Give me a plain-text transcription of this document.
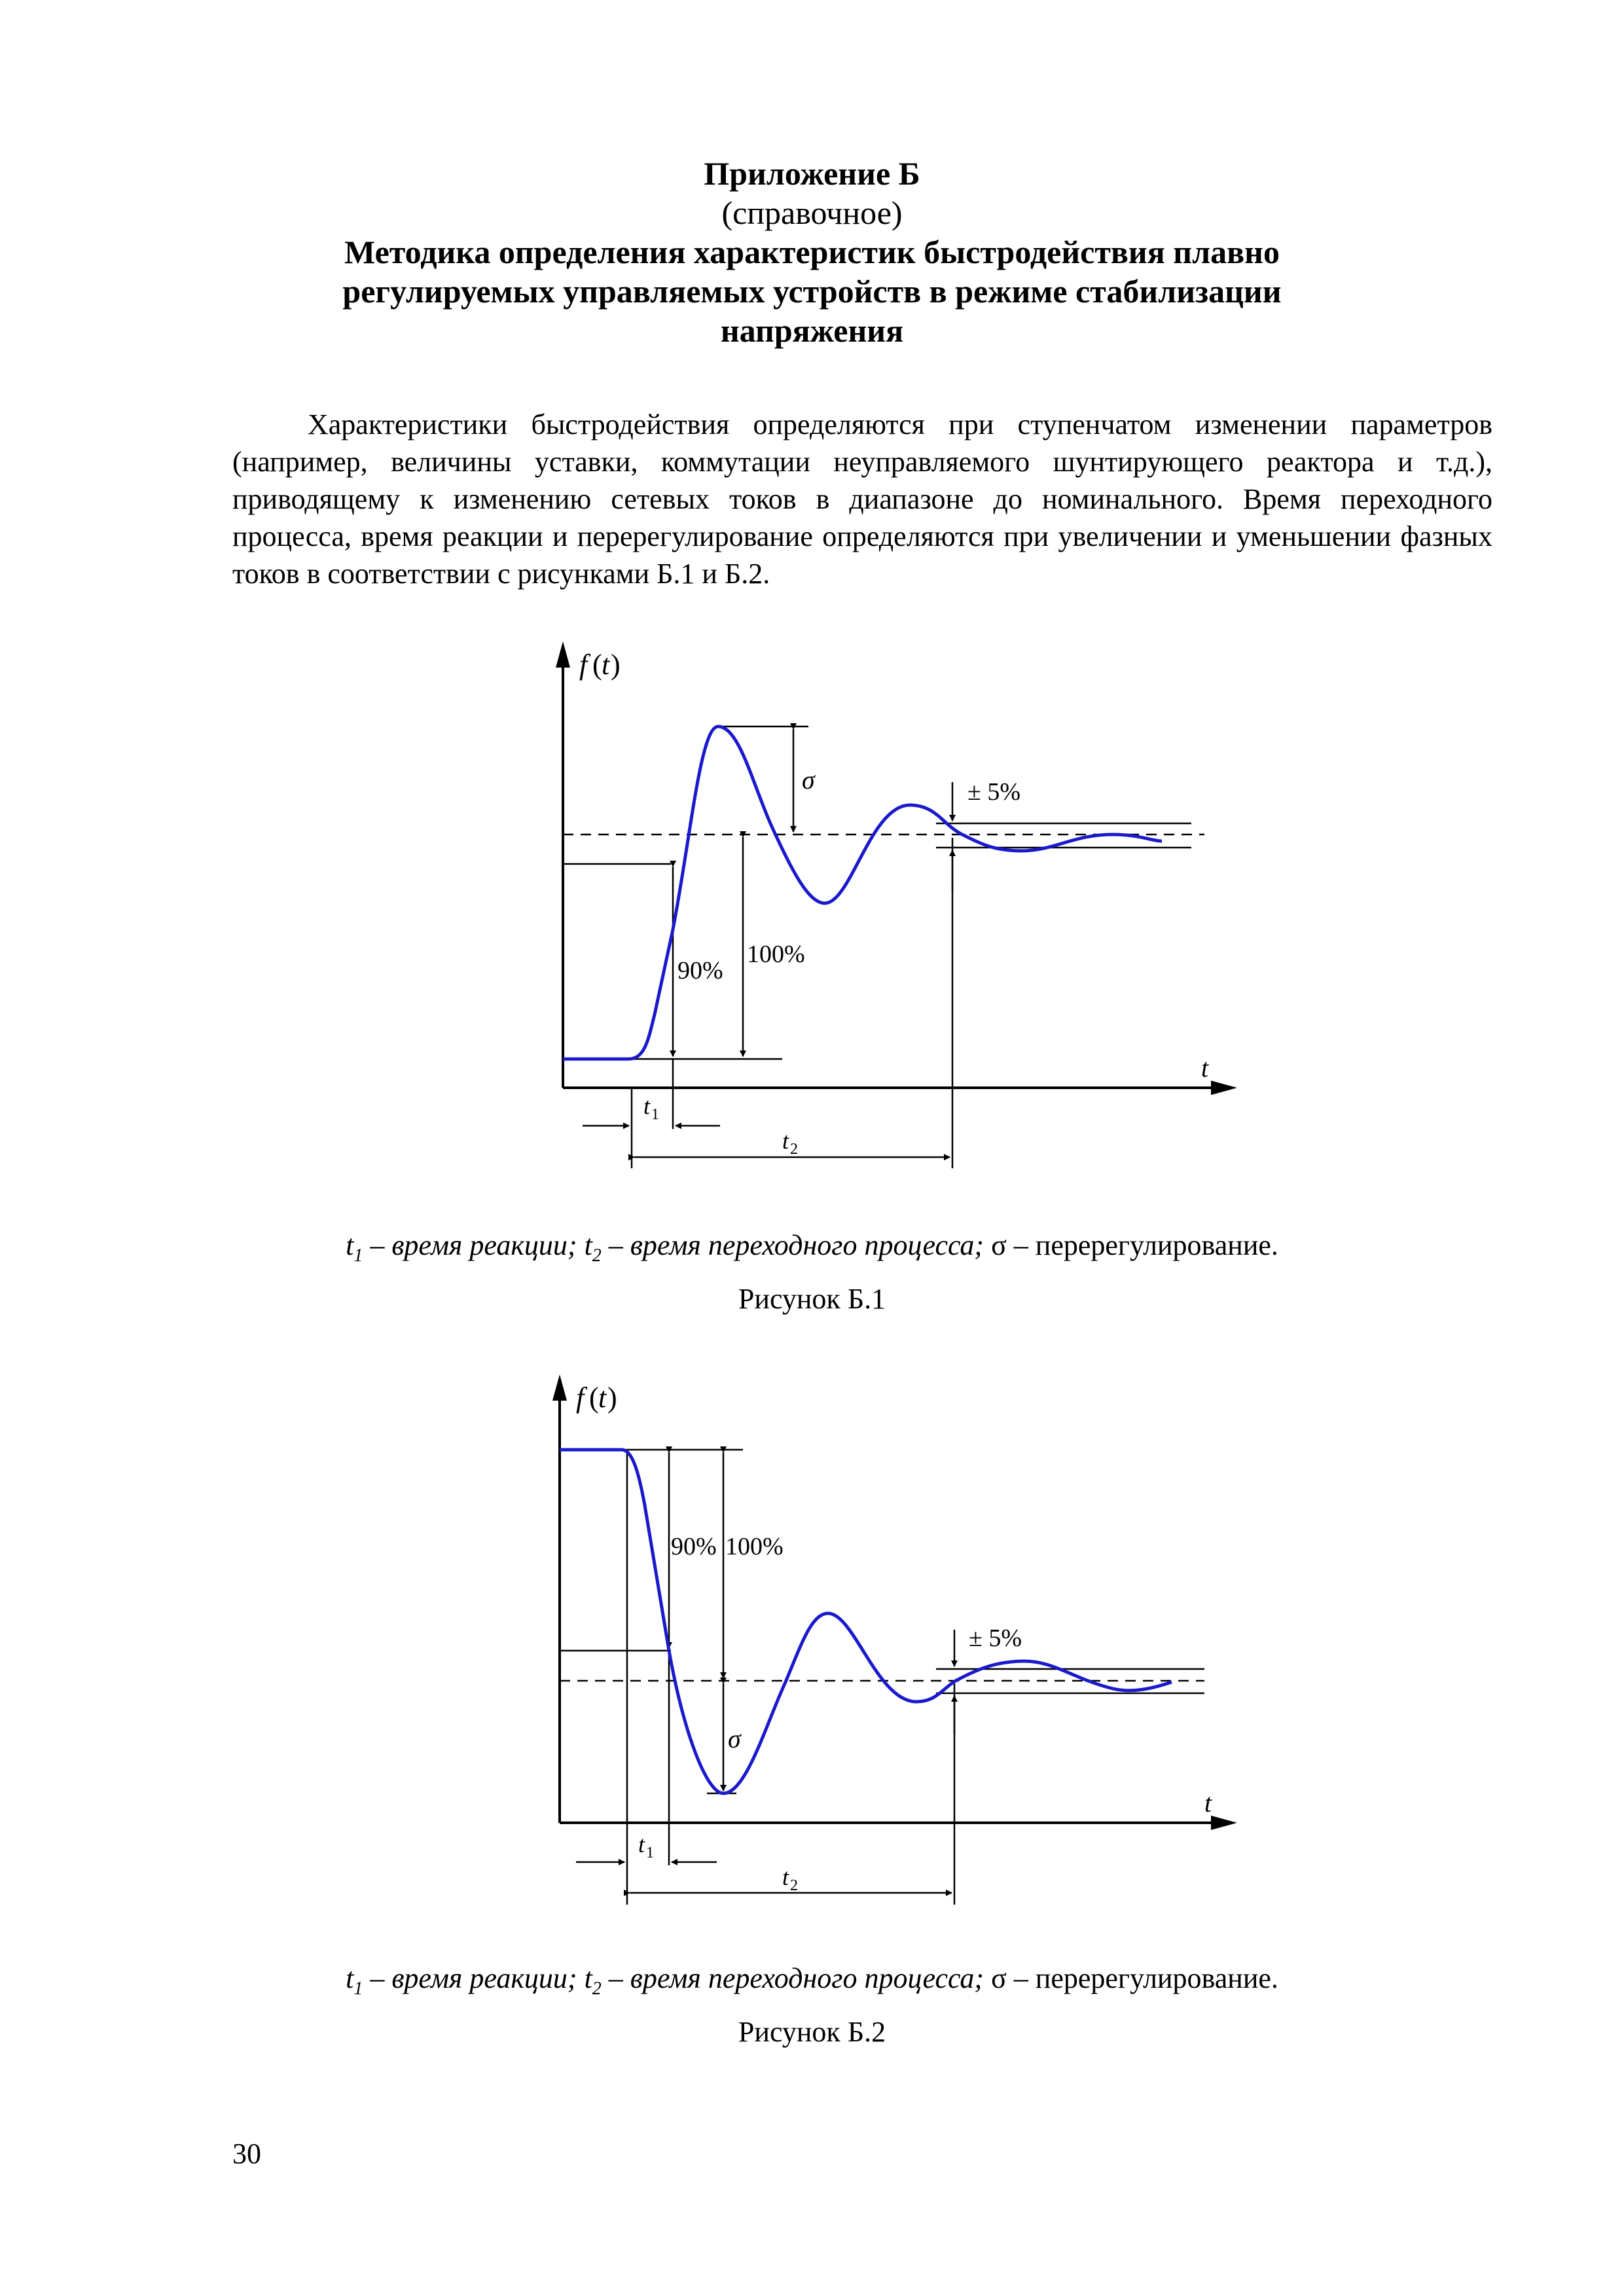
Приложение Б
(справочное)
Методика определения характеристик быстродействия плавно
регулируемых управляемых устройств в режиме стабилизации
напряжения

Характеристики быстродействия определяются при ступенчатом изменении параметров (например, величины уставки, коммутации неуправляемого шунтирующего реактора и т.д.), приводящему к изменению сетевых токов в диапазоне до номинального. Время переходного процесса, время реакции и перерегулирование определяются при увеличении и уменьшении фазных токов в соответствии с рисунками Б.1 и Б.2.

f ( t )
t
90%
100%
σ	± 5%
t 1
t 2
$t_1$ – время реакции; $t_2$ – время переходного процесса; σ – перерегулирование.
Рисунок Б.1
f ( t )
t
90% 100%
σ
± 5%
t 1
t 2
$t_1$ – время реакции; $t_2$ – время переходного процесса; σ – перерегулирование.
Рисунок Б.2
30
